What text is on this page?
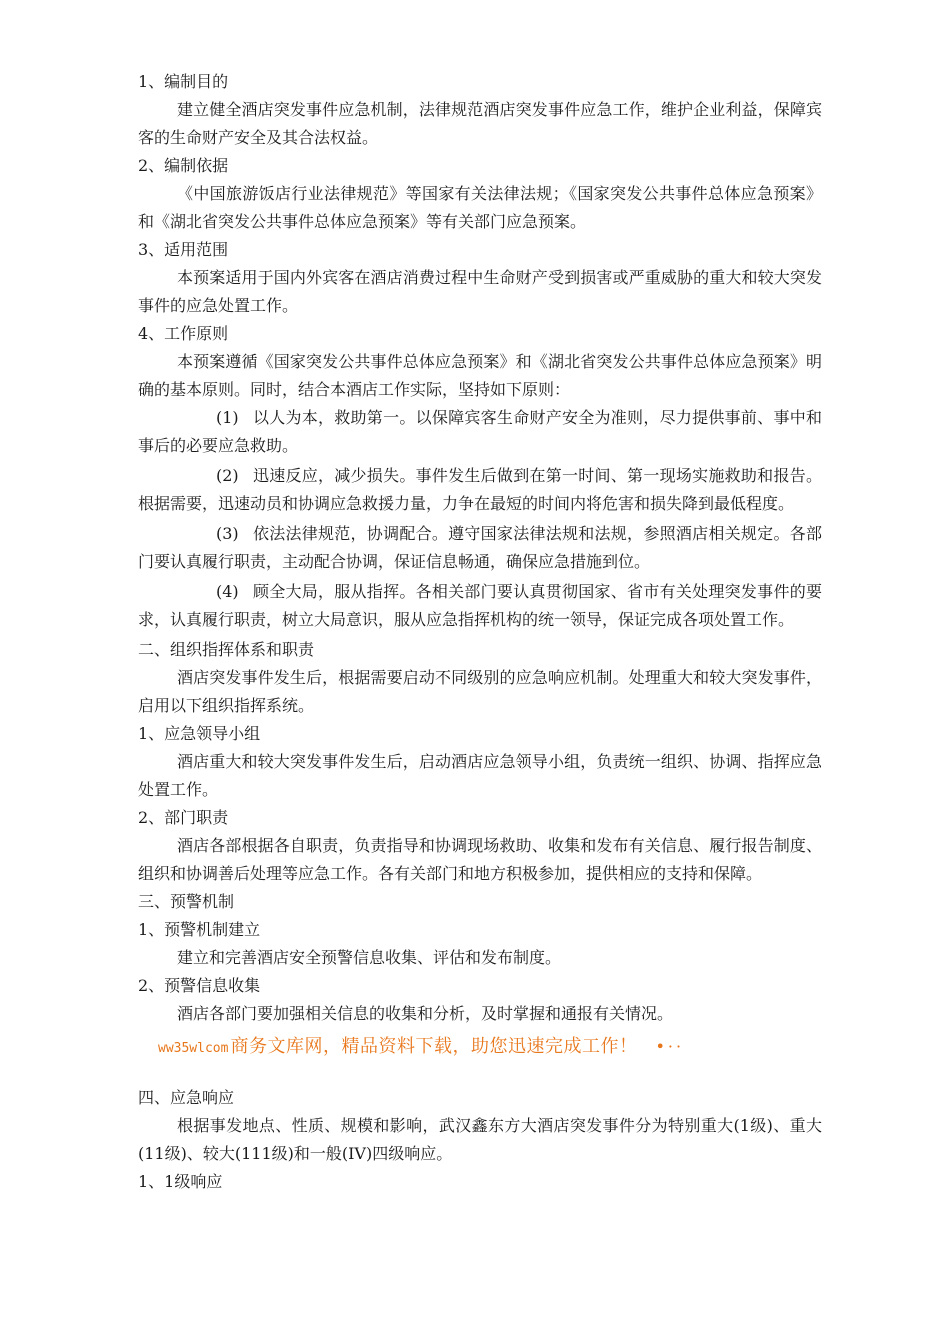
1、编制目的

建立健全酒店突发事件应急机制，法律规范酒店突发事件应急工作，维护企业利益，保障宾客的生命财产安全及其合法权益。

2、编制依据

《中国旅游饭店行业法律规范》等国家有关法律法规；《国家突发公共事件总体应急预案》和《湖北省突发公共事件总体应急预案》等有关部门应急预案。

3、适用范围

本预案适用于国内外宾客在酒店消费过程中生命财产受到损害或严重威胁的重大和较大突发事件的应急处置工作。

4、工作原则

本预案遵循《国家突发公共事件总体应急预案》和《湖北省突发公共事件总体应急预案》明确的基本原则。同时，结合本酒店工作实际，坚持如下原则：

(1) 以人为本，救助第一。以保障宾客生命财产安全为准则，尽力提供事前、事中和事后的必要应急救助。

(2) 迅速反应，减少损失。事件发生后做到在第一时间、第一现场实施救助和报告。根据需要，迅速动员和协调应急救援力量，力争在最短的时间内将危害和损失降到最低程度。

(3) 依法法律规范，协调配合。遵守国家法律法规和法规，参照酒店相关规定。各部门要认真履行职责，主动配合协调，保证信息畅通，确保应急措施到位。

(4) 顾全大局，服从指挥。各相关部门要认真贯彻国家、省市有关处理突发事件的要求，认真履行职责，树立大局意识，服从应急指挥机构的统一领导，保证完成各项处置工作。

二、组织指挥体系和职责

酒店突发事件发生后，根据需要启动不同级别的应急响应机制。处理重大和较大突发事件，启用以下组织指挥系统。

1、应急领导小组

酒店重大和较大突发事件发生后，启动酒店应急领导小组，负责统一组织、协调、指挥应急处置工作。

2、部门职责

酒店各部根据各自职责，负责指导和协调现场救助、收集和发布有关信息、履行报告制度、组织和协调善后处理等应急工作。各有关部门和地方积极参加，提供相应的支持和保障。

三、预警机制
1、预警机制建立

建立和完善酒店安全预警信息收集、评估和发布制度。

2、预警信息收集

酒店各部门要加强相关信息的收集和分析，及时掌握和通报有关情况。

ww35wlcom 商务文库网，精品资料下载，助您迅速完成工作！ •··
四、应急响应

根据事发地点、性质、规模和影响，武汉鑫东方大酒店突发事件分为特别重大(1级)、重大(11级)、较大(111级)和一般(IV)四级响应。

1、1级响应
